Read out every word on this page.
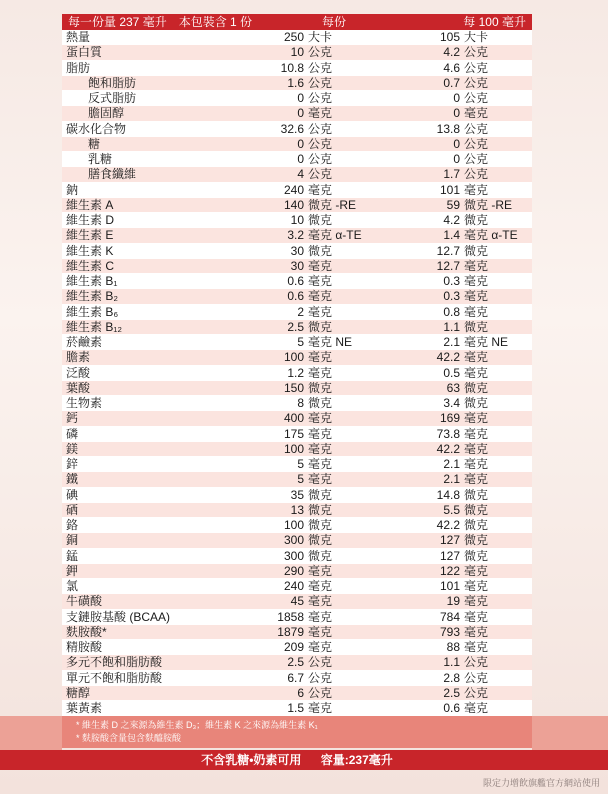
每一份量 237 毫升　本包裝含 1 份	每份	每 100 毫升
熱量	250 大卡	105 大卡
蛋白質	10 公克	4.2 公克
脂肪	10.8 公克	4.6 公克
飽和脂肪	1.6 公克	0.7 公克
反式脂肪	0 公克	0 公克
膽固醇	0 毫克	0 毫克
碳水化合物	32.6 公克	13.8 公克
糖	0 公克	0 公克
乳糖	0 公克	0 公克
膳食纖維	4 公克	1.7 公克
鈉	240 毫克	101 毫克
維生素 A	140 微克 -RE	59 微克 -RE
維生素 D	10 微克	4.2 微克
維生素 E	3.2 毫克 α-TE	1.4 毫克 α-TE
維生素 K	30 微克	12.7 微克
維生素 C	30 毫克	12.7 毫克
維生素 B₁	0.6 毫克	0.3 毫克
維生素 B₂	0.6 毫克	0.3 毫克
維生素 B₆	2 毫克	0.8 毫克
維生素 B₁₂	2.5 微克	1.1 微克
菸鹼素	5 毫克 NE	2.1 毫克 NE
膽素	100 毫克	42.2 毫克
泛酸	1.2 毫克	0.5 毫克
葉酸	150 微克	63 微克
生物素	8 微克	3.4 微克
鈣	400 毫克	169 毫克
磷	175 毫克	73.8 毫克
鎂	100 毫克	42.2 毫克
鋅	5 毫克	2.1 毫克
鐵	5 毫克	2.1 毫克
碘	35 微克	14.8 微克
硒	13 微克	5.5 微克
鉻	100 微克	42.2 微克
銅	300 微克	127 微克
錳	300 微克	127 微克
鉀	290 毫克	122 毫克
氯	240 毫克	101 毫克
牛磺酸	45 毫克	19 毫克
支鏈胺基酸 (BCAA)	1858 毫克	784 毫克
麩胺酸*	1879 毫克	793 毫克
精胺酸	209 毫克	88 毫克
多元不飽和脂肪酸	2.5 公克	1.1 公克
單元不飽和脂肪酸	6.7 公克	2.8 公克
糖醇	6 公克	2.5 公克
葉黃素	1.5 毫克	0.6 毫克
* 維生素 D 之來源為維生素 D₃；維生素 K 之來源為維生素 K₁
* 麩胺酸含量包含麩醯胺酸
不含乳糖•奶素可用 容量:237毫升
限定力增飲旗艦官方網站使用
